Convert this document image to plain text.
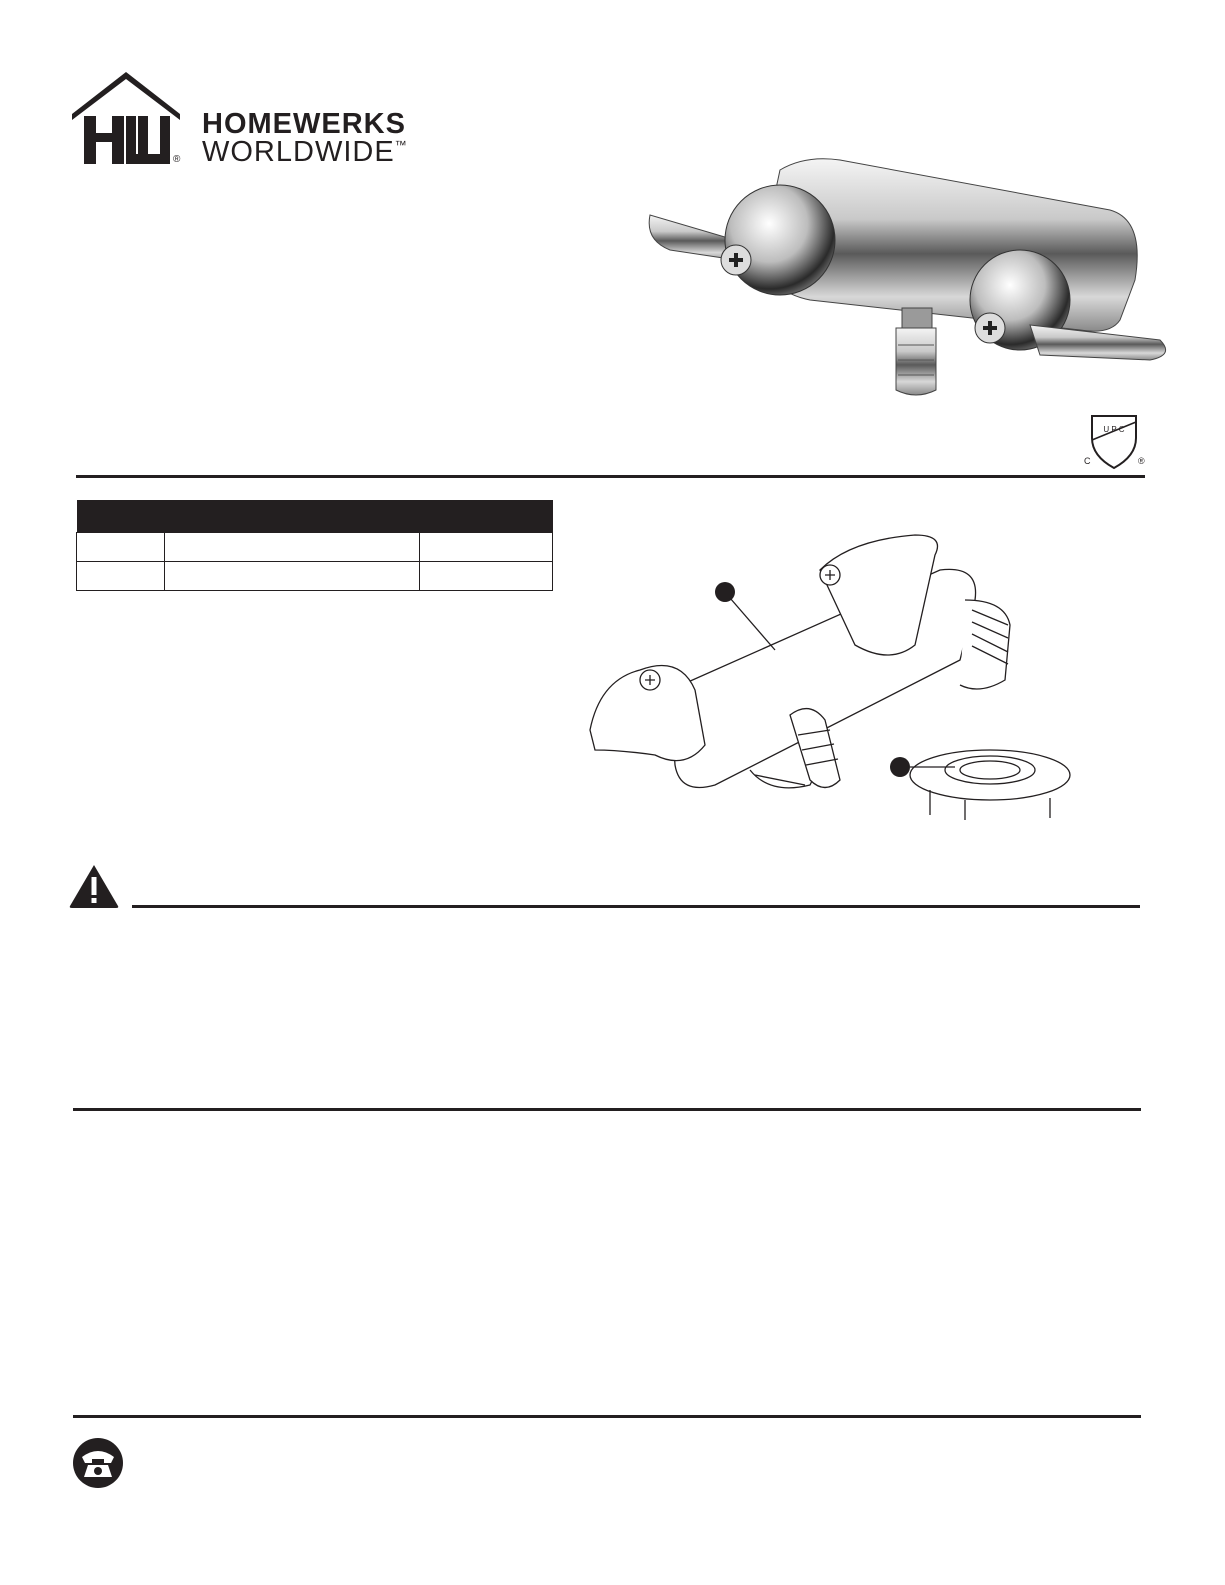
®
HOMEWERKS
WORLDWIDE™
U P C
C	®
